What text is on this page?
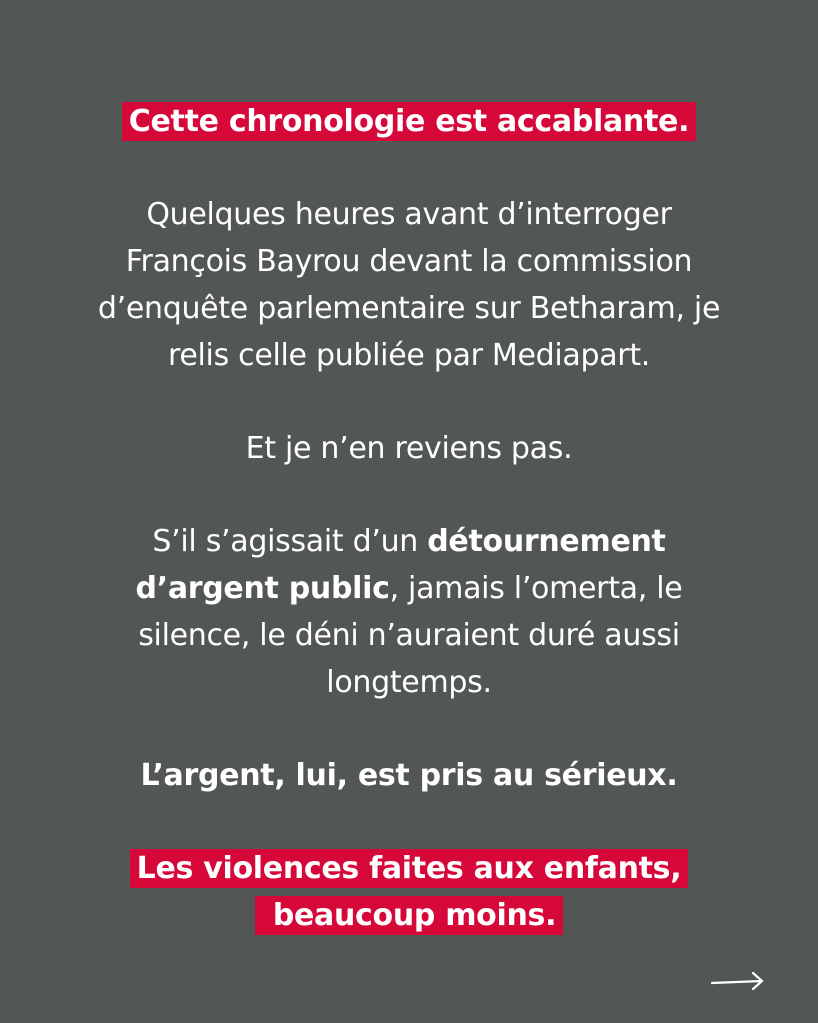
Cette chronologie est accablante.

Quelques heures avant d’interroger François Bayrou devant la commission d’enquête parlementaire sur Betharam, je relis celle publiée par Mediapart.

Et je n’en reviens pas.

S’il s’agissait d’un détournement d’argent public, jamais l’omerta, le silence, le déni n’auraient duré aussi longtemps.

L’argent, lui, est pris au sérieux.

Les violences faites aux enfants,
beaucoup moins.
